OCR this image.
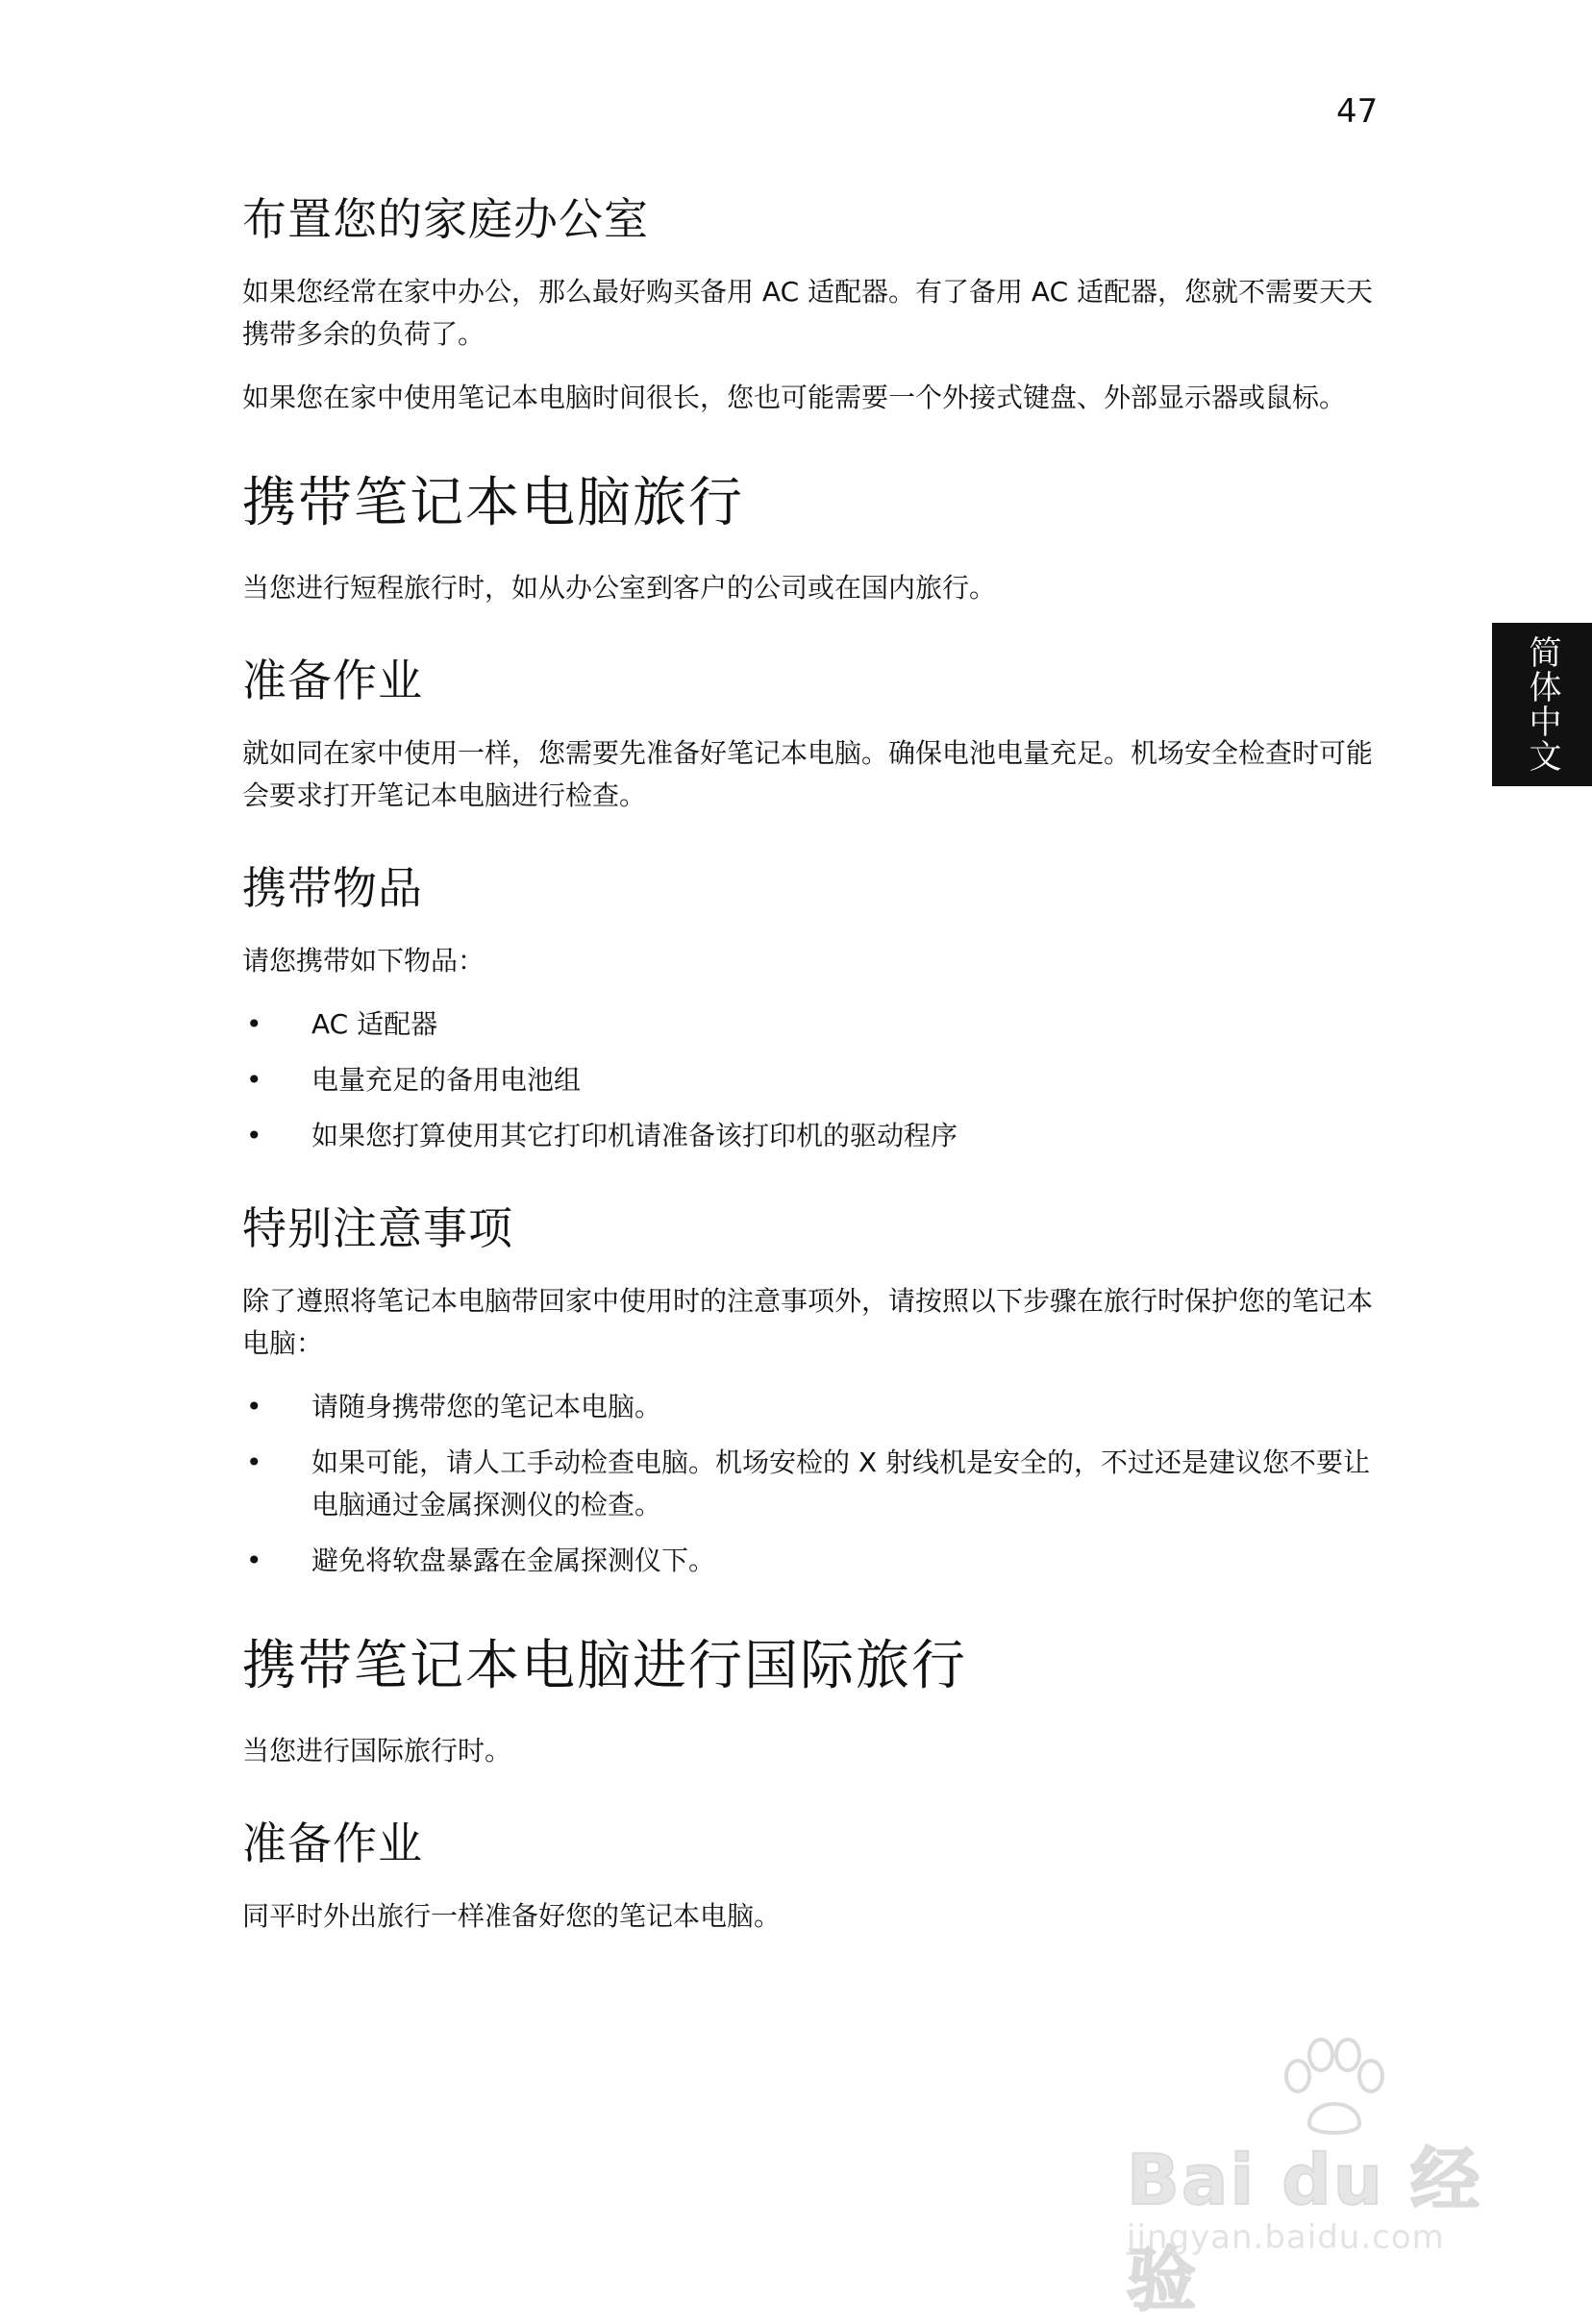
47
简体中文
布置您的家庭办公室

如果您经常在家中办公，那么最好购买备用 AC 适配器。有了备用 AC 适配器，您就不需要天天携带多余的负荷了。

如果您在家中使用笔记本电脑时间很长，您也可能需要一个外接式键盘、外部显示器或鼠标。

携带笔记本电脑旅行

当您进行短程旅行时，如从办公室到客户的公司或在国内旅行。

准备作业

就如同在家中使用一样，您需要先准备好笔记本电脑。确保电池电量充足。机场安全检查时可能会要求打开笔记本电脑进行检查。

携带物品

请您携带如下物品：

• AC 适配器
• 电量充足的备用电池组
• 如果您打算使用其它打印机请准备该打印机的驱动程序
特别注意事项

除了遵照将笔记本电脑带回家中使用时的注意事项外，请按照以下步骤在旅行时保护您的笔记本电脑：

• 请随身携带您的笔记本电脑。
• 如果可能，请人工手动检查电脑。机场安检的 X 射线机是安全的，不过还是建议您不要让电脑通过金属探测仪的检查。
• 避免将软盘暴露在金属探测仪下。
携带笔记本电脑进行国际旅行

当您进行国际旅行时。

准备作业

同平时外出旅行一样准备好您的笔记本电脑。

Bai du 经验
jingyan.baidu.com
